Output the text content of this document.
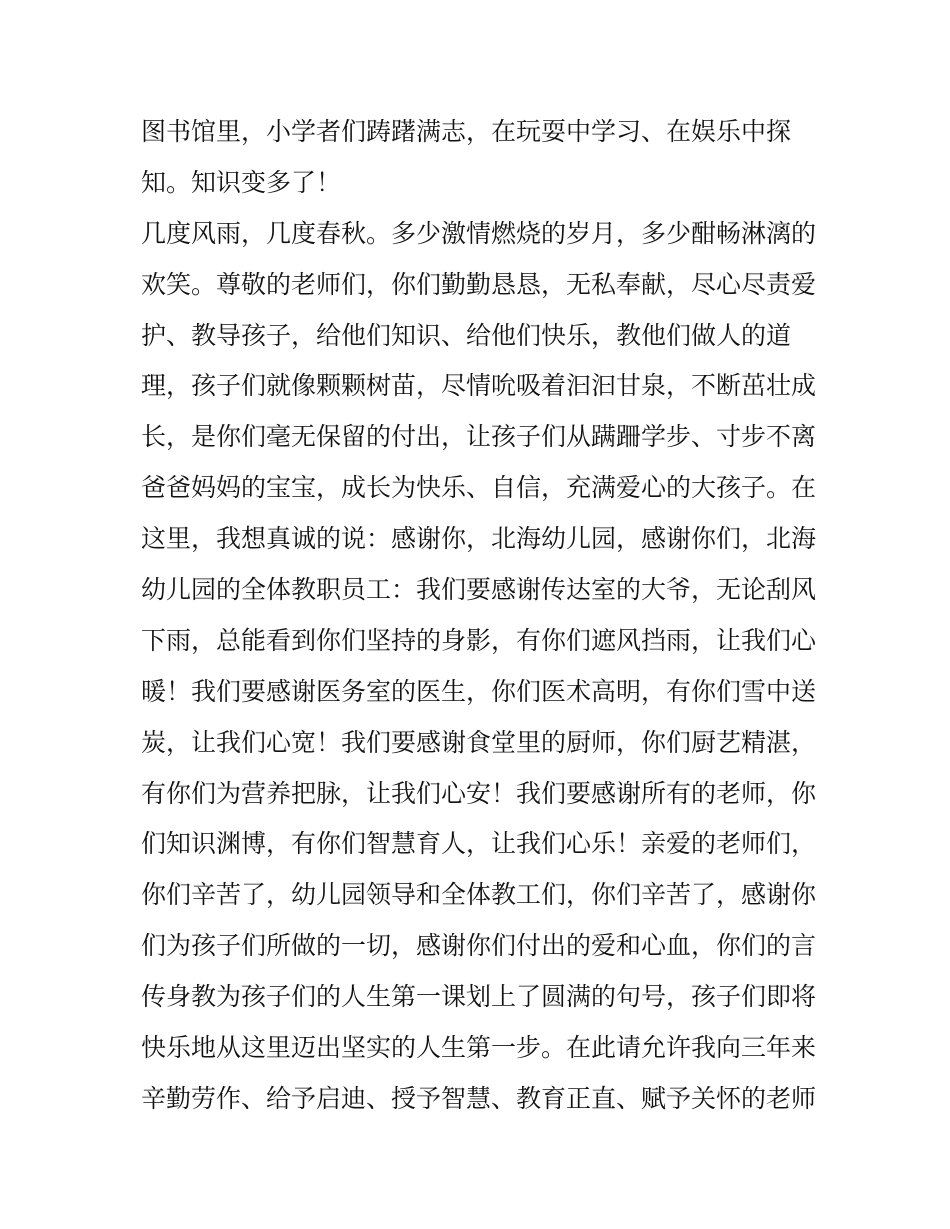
图书馆里，小学者们踌躇满志，在玩耍中学习、在娱乐中探
知。知识变多了！
几度风雨，几度春秋。多少激情燃烧的岁月，多少酣畅淋漓的
欢笑。尊敬的老师们，你们勤勤恳恳，无私奉献，尽心尽责爱
护、教导孩子，给他们知识、给他们快乐，教他们做人的道
理，孩子们就像颗颗树苗，尽情吮吸着汩汩甘泉，不断茁壮成
长，是你们毫无保留的付出，让孩子们从蹒跚学步、寸步不离
爸爸妈妈的宝宝，成长为快乐、自信，充满爱心的大孩子。在
这里，我想真诚的说：感谢你，北海幼儿园，感谢你们，北海
幼儿园的全体教职员工：我们要感谢传达室的大爷，无论刮风
下雨，总能看到你们坚持的身影，有你们遮风挡雨，让我们心
暖！我们要感谢医务室的医生，你们医术高明，有你们雪中送
炭，让我们心宽！我们要感谢食堂里的厨师，你们厨艺精湛，
有你们为营养把脉，让我们心安！我们要感谢所有的老师，你
们知识渊博，有你们智慧育人，让我们心乐！亲爱的老师们，
你们辛苦了，幼儿园领导和全体教工们，你们辛苦了，感谢你
们为孩子们所做的一切，感谢你们付出的爱和心血，你们的言
传身教为孩子们的人生第一课划上了圆满的句号，孩子们即将
快乐地从这里迈出坚实的人生第一步。在此请允许我向三年来
辛勤劳作、给予启迪、授予智慧、教育正直、赋予关怀的老师
